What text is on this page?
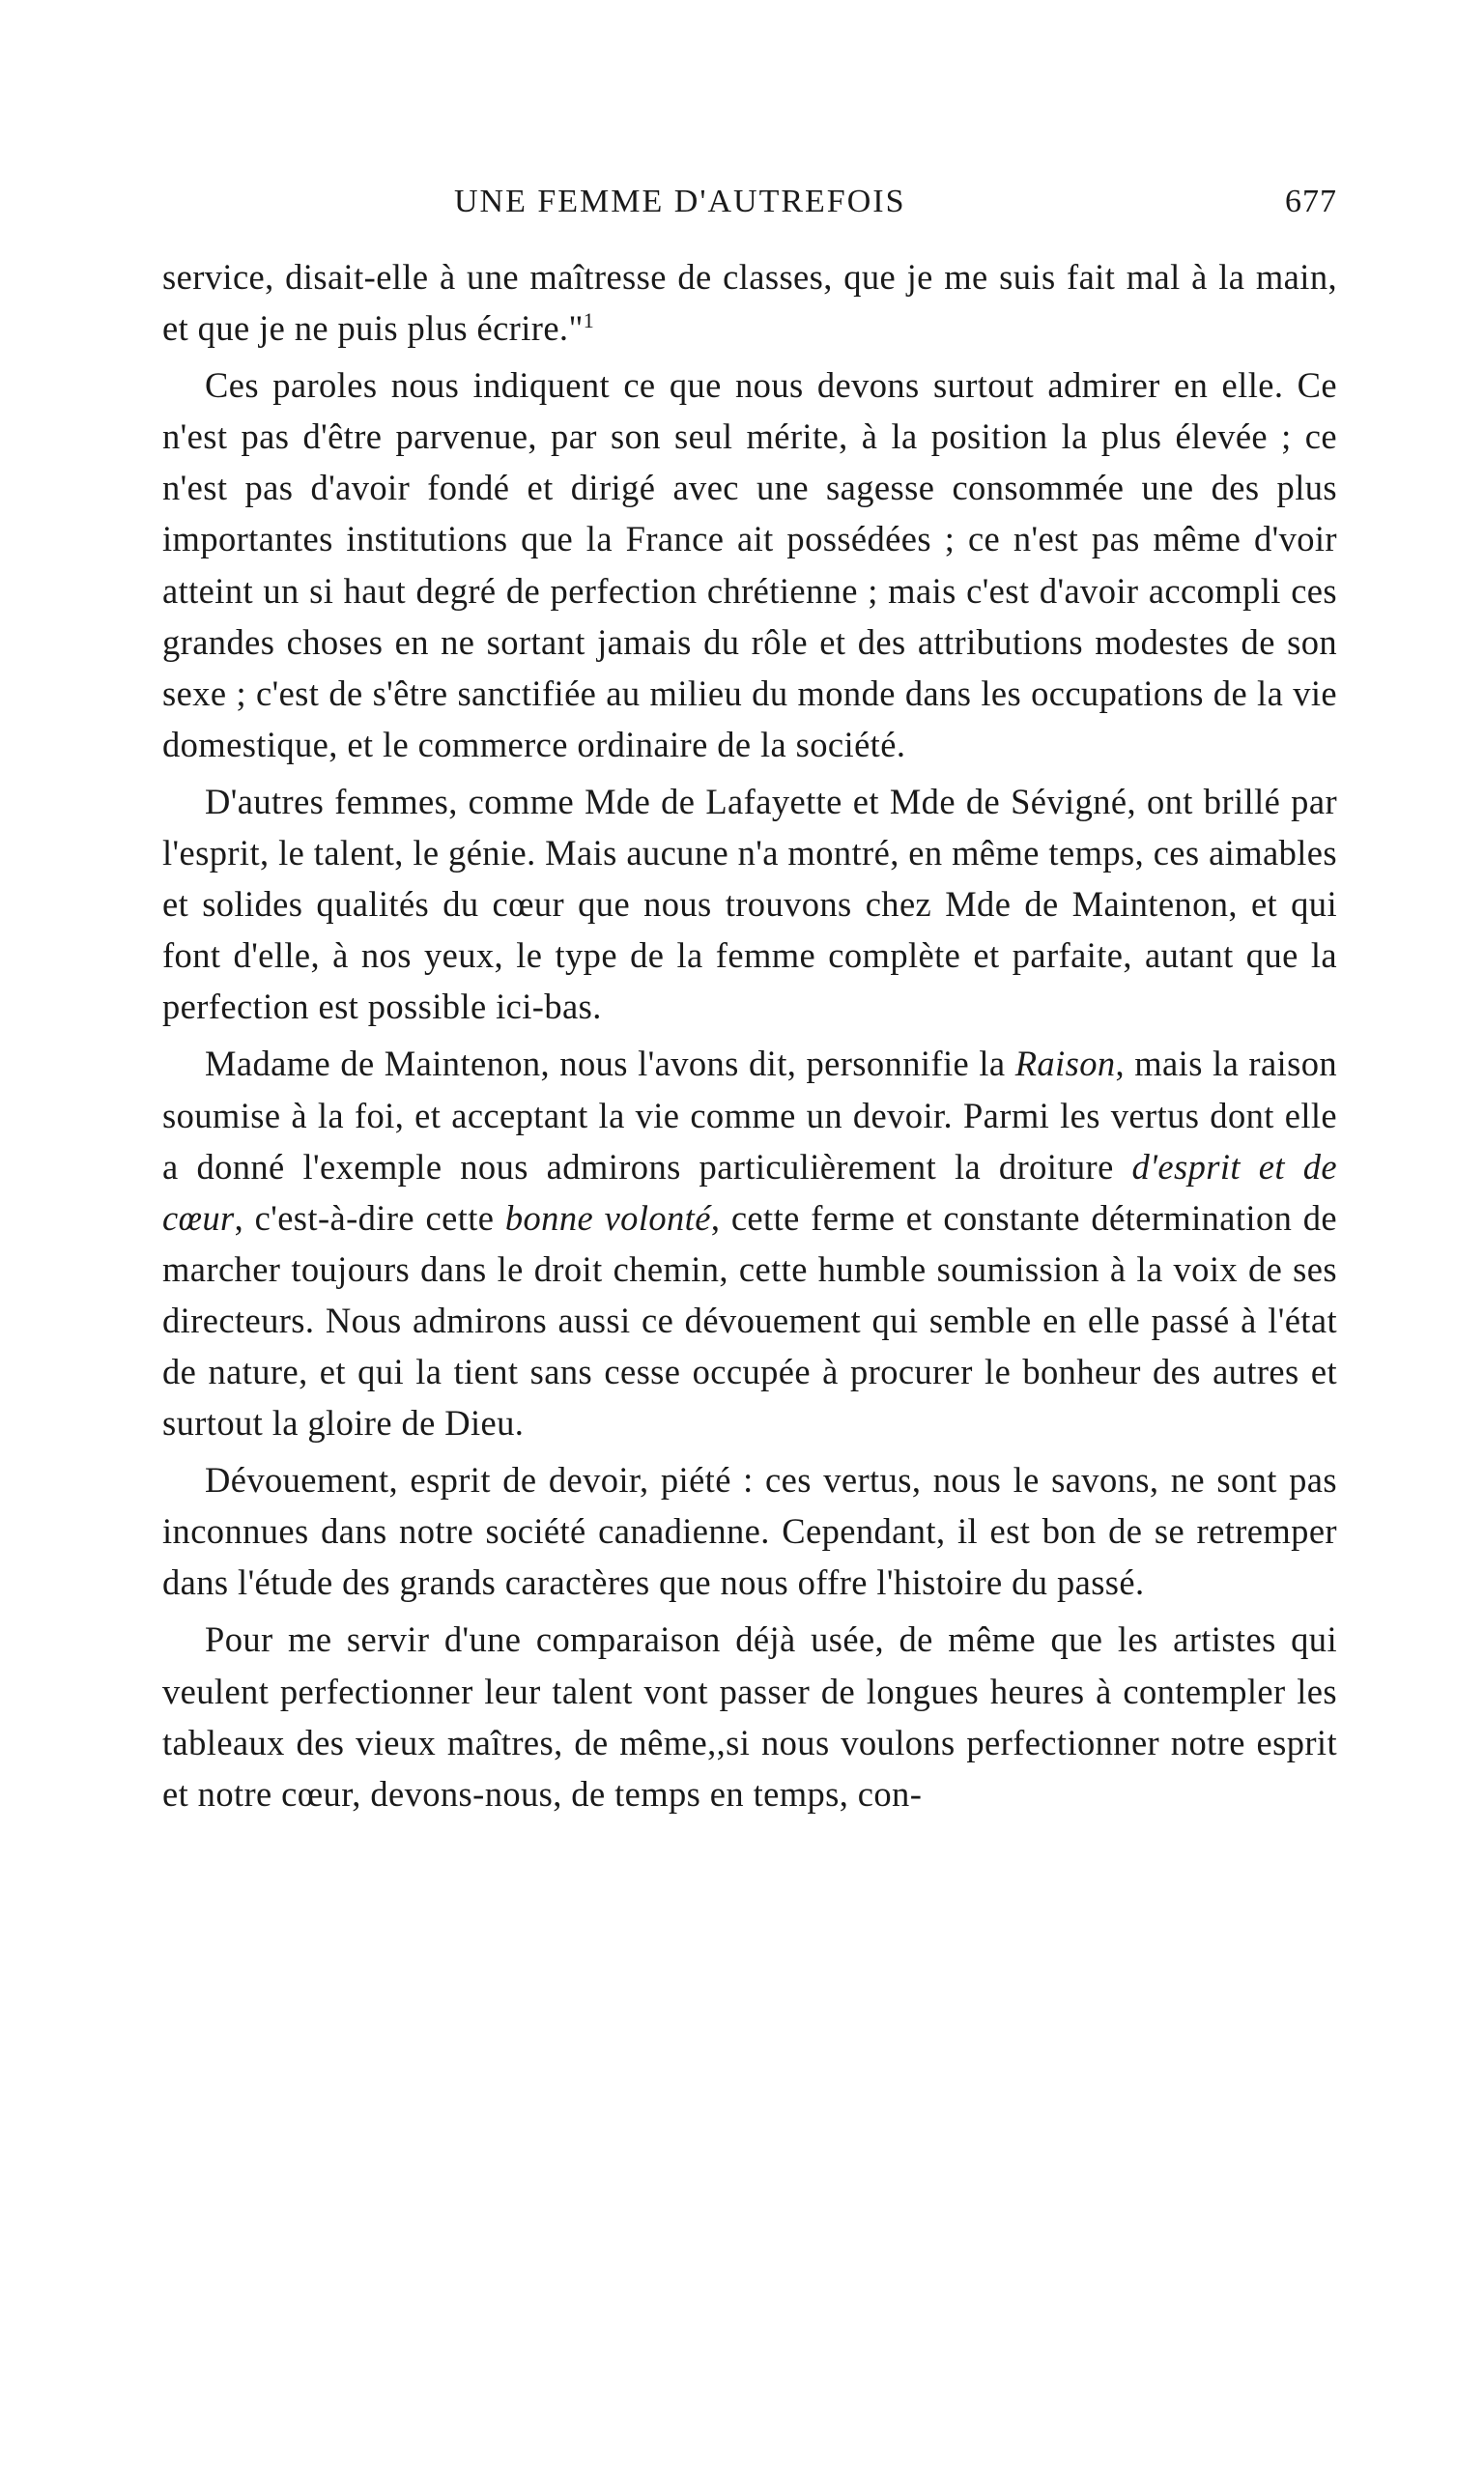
UNE FEMME D'AUTREFOIS	677

service, disait-elle à une maîtresse de classes, que je me suis fait mal à la main, et que je ne puis plus écrire."$^1$

Ces paroles nous indiquent ce que nous devons surtout admirer en elle. Ce n'est pas d'être parvenue, par son seul mérite, à la position la plus élevée ; ce n'est pas d'avoir fondé et dirigé avec une sagesse consommée une des plus importantes institutions que la France ait possédées ; ce n'est pas même d'voir atteint un si haut degré de perfection chrétienne ; mais c'est d'avoir accompli ces grandes choses en ne sortant jamais du rôle et des attributions modestes de son sexe ; c'est de s'être sanctifiée au milieu du monde dans les occupations de la vie domestique, et le commerce ordinaire de la société.

D'autres femmes, comme Mde de Lafayette et Mde de Sévigné, ont brillé par l'esprit, le talent, le génie. Mais aucune n'a montré, en même temps, ces aimables et solides qualités du cœur que nous trouvons chez Mde de Maintenon, et qui font d'elle, à nos yeux, le type de la femme complète et parfaite, autant que la perfection est possible ici-bas.

Madame de Maintenon, nous l'avons dit, personnifie la Raison, mais la raison soumise à la foi, et acceptant la vie comme un devoir. Parmi les vertus dont elle a donné l'exemple nous admirons particulièrement la droiture d'esprit et de cœur, c'est-à-dire cette bonne volonté, cette ferme et constante détermination de marcher toujours dans le droit chemin, cette humble soumission à la voix de ses directeurs. Nous admirons aussi ce dévouement qui semble en elle passé à l'état de nature, et qui la tient sans cesse occupée à procurer le bonheur des autres et surtout la gloire de Dieu.

Dévouement, esprit de devoir, piété : ces vertus, nous le savons, ne sont pas inconnues dans notre société canadienne. Cependant, il est bon de se retremper dans l'étude des grands caractères que nous offre l'histoire du passé.

Pour me servir d'une comparaison déjà usée, de même que les artistes qui veulent perfectionner leur talent vont passer de longues heures à contempler les tableaux des vieux maîtres, de même,,si nous voulons perfectionner notre esprit et notre cœur, devons-nous, de temps en temps, con-
